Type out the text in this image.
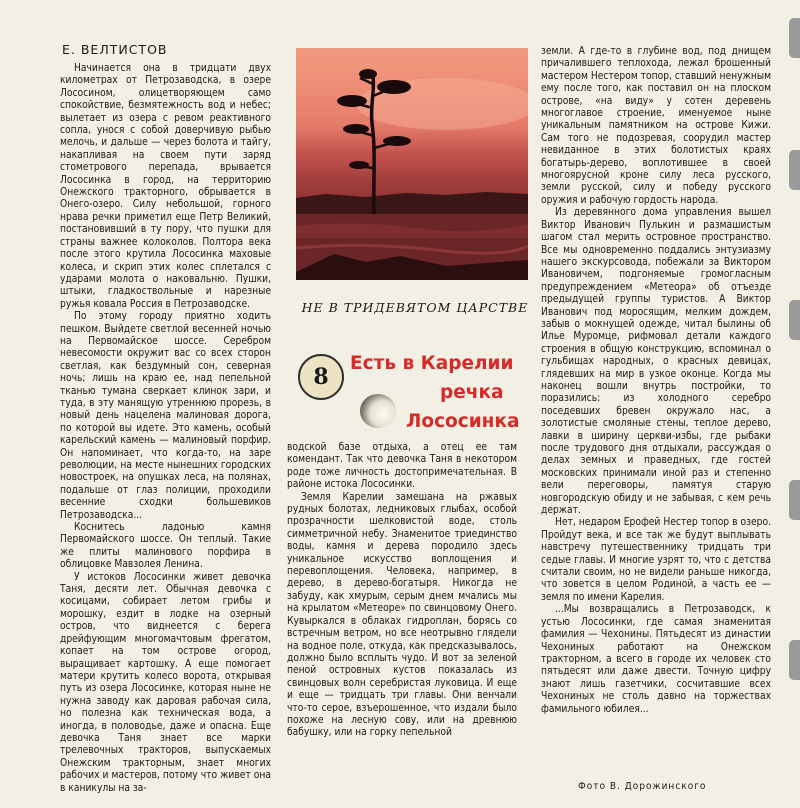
Е. ВЕЛТИСТОВ

Начинается она в тридцати двух километрах от Петрозаводска, в озере Лососином, олицетворяющем само спокойствие, безмятежность вод и небес; вылетает из озера с ревом реактивного сопла, унося с собой доверчивую рыбью мелочь, и дальше — через болота и тайгу, накапливая на своем пути заряд стометрового перепада, врывается Лососинка в город, на территорию Онежского тракторного, обрывается в Онего-озеро. Силу небольшой, горного нрава речки приметил еще Петр Великий, постановивший в ту пору, что пушки для страны важнее колоколов. Полтора века после этого крутила Лососинка маховые колеса, и скрип этих колес сплетался с ударами молота о наковальню. Пушки, штыки, гладкоствольные и нарезные ружья ковала Россия в Петрозаводске.

По этому городу приятно ходить пешком. Выйдете светлой весенней ночью на Первомайское шоссе. Серебром невесомости окружит вас со всех сторон светлая, как бездумный сон, северная ночь; лишь на краю ее, над пепельной тканью тумана сверкает клинок зари, и туда, в эту манящую утреннюю прорезь, в новый день нацелена малиновая дорога, по которой вы идете. Это камень, особый карельский камень — малиновый порфир. Он напоминает, что когда-то, на заре революции, на месте нынешних городских новостроек, на опушках леса, на полянах, подальше от глаз полиции, проходили весенние сходки большевиков Петрозаводска...

Коснитесь ладонью камня Первомайского шоссе. Он теплый. Такие же плиты малинового порфира в облицовке Мавзолея Ленина.

У истоков Лососинки живет девочка Таня, десяти лет. Обычная девочка с косицами, собирает летом грибы и морошку, ездит в лодке на озерный остров, что виднеется с берега дрейфующим многомачтовым фрегатом, копает на том острове огород, выращивает картошку. А еще помогает матери крутить колесо ворота, открывая путь из озера Лососинке, которая ныне не нужна заводу как даровая рабочая сила, но полезна как техническая вода, а иногда, в половодье, даже и опасна. Еще девочка Таня знает все марки трелевочных тракторов, выпускаемых Онежским тракторным, знает многих рабочих и мастеров, потому что живет она в каникулы на за-

НЕ В ТРИДЕВЯТОМ ЦАРСТВЕ
8
Есть в Карелии
речка
Лососинка

водской базе отдыха, а отец ее там комендант. Так что девочка Таня в некотором роде тоже личность достопримечательная. В районе истока Лососинки.

Земля Карелии замешана на ржавых рудных болотах, ледниковых глыбах, особой прозрачности шелковистой воде, столь симметричной небу. Знаменитое триединство воды, камня и дерева породило здесь уникальное искусство воплощения и перевоплощения. Человека, например, в дерево, в дерево-богатыря. Никогда не забуду, как хмурым, серым днем мчались мы на крылатом «Метеоре» по свинцовому Онего. Кувыркался в облаках гидроплан, борясь со встречным ветром, но все неотрывно глядели на водное поле, откуда, как предсказывалось, должно было всплыть чудо. И вот за зеленой пеной островных кустов показалась из свинцовых волн серебристая луковица. И еще и еще — тридцать три главы. Они венчали что-то серое, взъерошенное, что издали было похоже на лесную сову, или на древнюю бабушку, или на горку пепельной

земли. А где-то в глубине вод, под днищем причалившего теплохода, лежал брошенный мастером Нестером топор, ставший ненужным ему после того, как поставил он на плоском острове, «на виду» у сотен деревень многоглавое строение, именуемое ныне уникальным памятником на острове Кижи. Сам того не подозревая, соорудил мастер невиданное в этих болотистых краях богатырь-дерево, воплотившее в своей многоярусной кроне силу леса русского, земли русской, силу и победу русского оружия и рабочую гордость народа.

Из деревянного дома управления вышел Виктор Иванович Пулькин и размашистым шагом стал мерить островное пространство. Все мы одновременно поддались энтузиазму нашего экскурсовода, побежали за Виктором Ивановичем, подгоняемые громогласным предупреждением «Метеора» об отъезде предыдущей группы туристов. А Виктор Иванович под моросящим, мелким дождем, забыв о мокнущей одежде, читал былины об Илье Муромце, рифмовал детали каждого строения в общую конструкцию, вспоминал о гульбищах народных, о красных девицах, глядевших на мир в узкое оконце. Когда мы наконец вошли внутрь постройки, то поразились: из холодного серебро поседевших бревен окружало нас, а золотистые смоляные стены, теплое дерево, лавки в ширину церкви-избы, где рыбаки после трудового дня отдыхали, рассуждая о делах земных и праведных, где гостей московских принимали иной раз и степенно вели переговоры, памятуя старую новгородскую обиду и не забывая, с кем речь держат.

Нет, недаром Ерофей Нестер топор в озеро. Пройдут века, и все так же будут выплывать навстречу путешественнику тридцать три седые главы. И многие узрят то, что с детства считали своим, но не видели раньше никогда, что зовется в целом Родиной, а часть ее — земля по имени Карелия.

...Мы возвращались в Петрозаводск, к устью Лососинки, где самая знаменитая фамилия — Чехонины. Пятьдесят из династии Чехониных работают на Онежском тракторном, а всего в городе их человек сто пятьдесят или даже двести. Точную цифру знают лишь газетчики, сосчитавшие всех Чехониных не столь давно на торжествах фамильного юбилея...

Фото В. Дорожинского
